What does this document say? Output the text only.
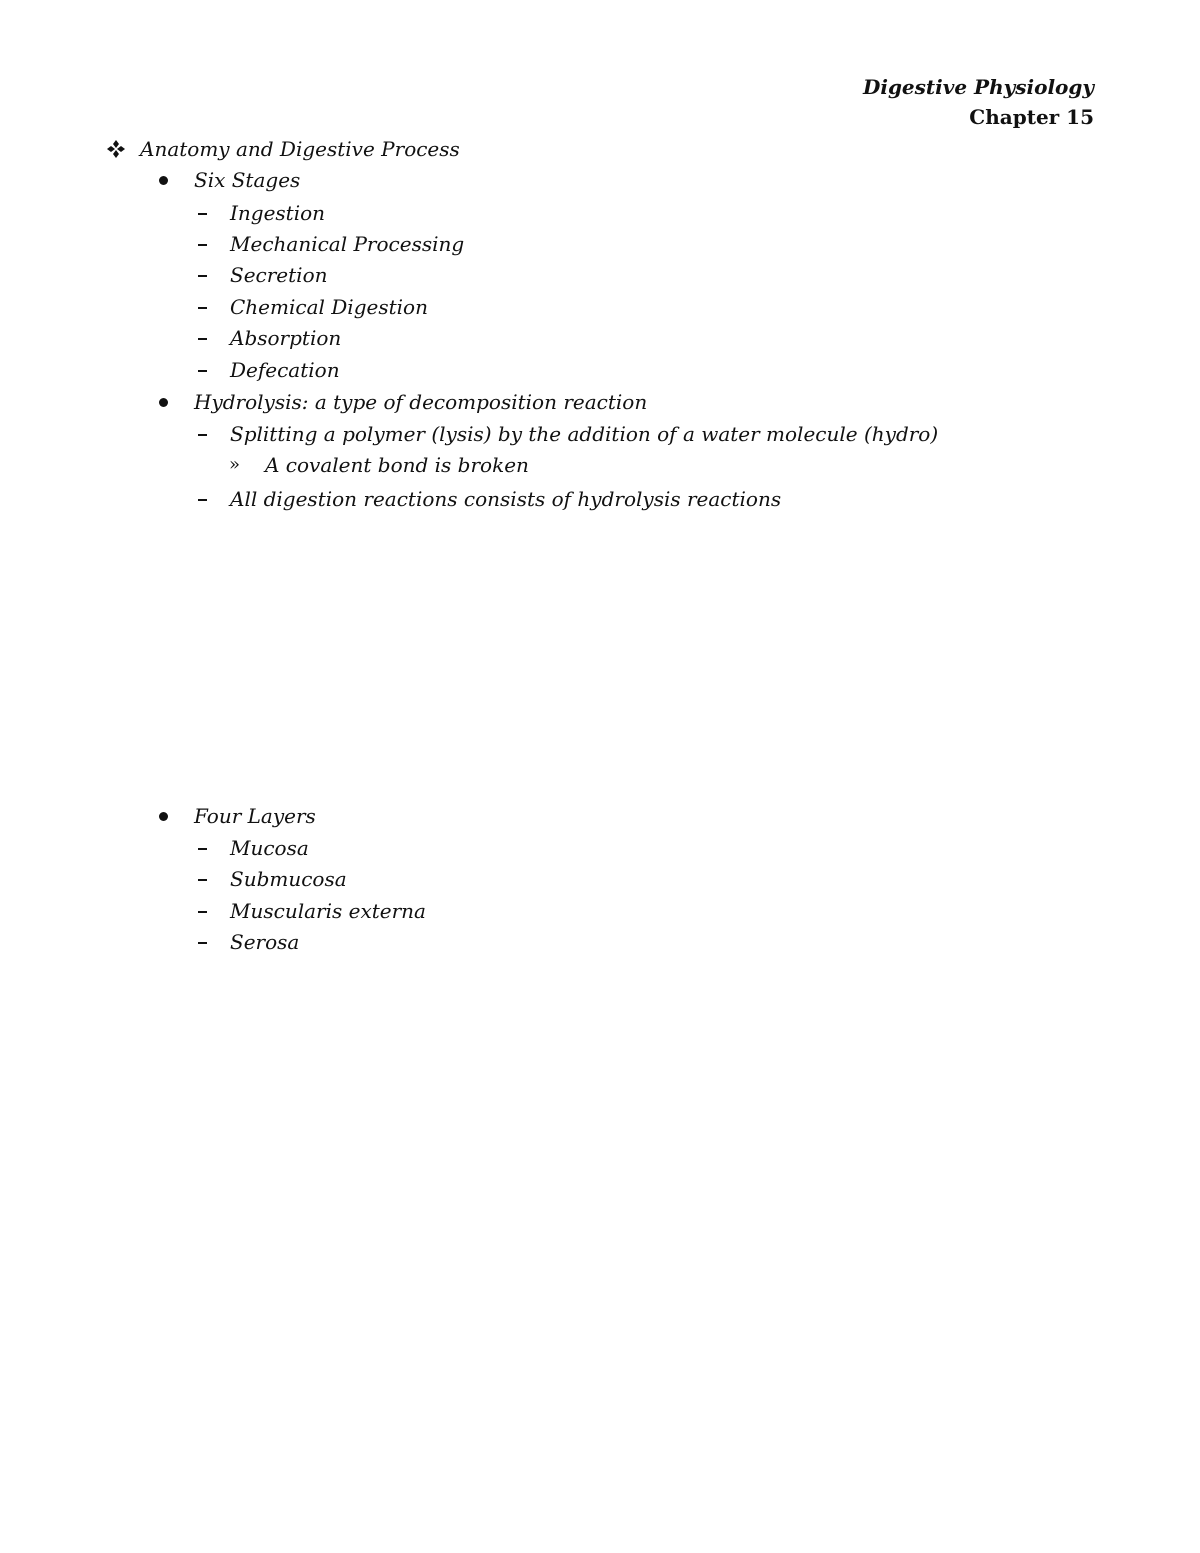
Digestive Physiology
Chapter 15
Anatomy and Digestive Process
Six Stages
Ingestion
Mechanical Processing
Secretion
Chemical Digestion
Absorption
Defecation
Hydrolysis: a type of decomposition reaction
Splitting a polymer (lysis) by the addition of a water molecule (hydro)
» A covalent bond is broken
All digestion reactions consists of hydrolysis reactions
Four Layers
Mucosa
Submucosa
Muscularis externa
Serosa
